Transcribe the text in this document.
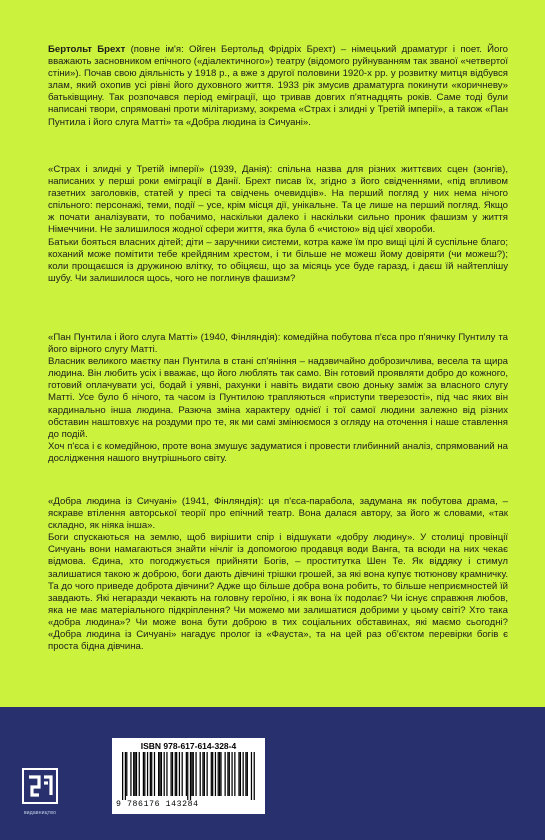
Бертольт Брехт (повне ім'я: Ойген Бертольд Фрідріх Брехт) – німецький драматург і поет. Його вважають засновником епічного («діалектичного») театру (відомого руйнуванням так званої «четвертої стіни»). Почав свою діяльність у 1918 р., а вже з другої половини 1920-х рр. у розвитку митця відбувся злам, який охопив усі рівні його духовного життя. 1933 рік змусив драматурга покинути «коричневу» батьківщину. Так розпочався період еміграції, що тривав довгих п'ятнадцять років. Саме тоді були написані твори, спрямовані проти мілітаризму, зокрема «Страх і злидні у Третій імперії», а також «Пан Пунтила і його слуга Матті» та «Добра людина із Сичуані».

«Страх і злидні у Третій імперії» (1939, Данія): спільна назва для різних життєвих сцен (зонгів), написаних у перші роки еміграції в Данії. Брехт писав їх, згідно з його свідченнями, «під впливом газетних заголовків, статей у пресі та свідчень очевидців». На перший погляд у них нема нічого спільного: персонажі, теми, події – усе, крім місця дії, унікальне. Та це лише на перший погляд. Якщо ж почати аналізувати, то побачимо, наскільки далеко і наскільки сильно проник фашизм у життя Німеччини. Не залишилося жодної сфери життя, яка була б «чистою» від цієї хвороби.

Батьки бояться власних дітей; діти – заручники системи, котра каже їм про вищі цілі й суспільне благо; коханий може помітити тебе крейдяним хрестом, і ти більше не можеш йому довіряти (чи можеш?); коли прощаєшся із дружиною влітку, то обіцяєш, що за місяць усе буде гаразд, і даєш їй найтеплішу шубу. Чи залишилося щось, чого не поглинув фашизм?

«Пан Пунтила і його слуга Матті» (1940, Фінляндія): комедійна побутова п'єса про п'яничку Пунтилу та його вірного слугу Матті.

Власник великого маєтку пан Пунтила в стані сп'яніння – надзвичайно доброзичлива, весела та щира людина. Він любить усіх і вважає, що його люблять так само. Він готовий проявляти добро до кожного, готовий оплачувати усі, бодай і уявні, рахунки і навіть видати свою доньку заміж за власного слугу Матті. Усе було б нічого, та часом із Пунтилою трапляються «приступи тверезості», під час яких він кардинально інша людина. Разюча зміна характеру однієї і тої самої людини залежно від різних обставин наштовхує на роздуми про те, як ми самі змінюємося з огляду на оточення і наше ставлення до подій.

Хоч п'єса і є комедійною, проте вона змушує задуматися і провести глибинний аналіз, спрямований на дослідження нашого внутрішнього світу.

«Добра людина із Сичуані» (1941, Фінляндія): ця п'єса-парабола, задумана як побутова драма, – яскраве втілення авторської теорії про епічний театр. Вона далася автору, за його ж словами, «так складно, як ніяка інша».

Боги спускаються на землю, щоб вирішити спір і відшукати «добру людину». У столиці провінції Сичуань вони намагаються знайти нічліг із допомогою продавця води Ванга, та всюди на них чекає відмова. Єдина, хто погоджується прийняти Богів, – проститутка Шен Те. Як віддяку і стимул залишатися такою ж доброю, боги дають дівчині трішки грошей, за які вона купує тютюнову крамничку. Та до чого приведе доброта дівчини? Адже що більше добра вона робить, то більше неприємностей їй завдають. Які негаразди чекають на головну героїню, і як вона їх подолає? Чи існує справжня любов, яка не має матеріального підкріплення? Чи можемо ми залишатися добрими у цьому світі? Хто така «добра людина»? Чи може вона бути доброю в тих соціальних обставинах, які маємо сьогодні? «Добра людина із Сичуані» нагадує пролог із «Фауста», та на цей раз об'єктом перевірки богів є проста бідна дівчина.

видавництво
ISBN 978-617-614-328-4
9 786176 143284
